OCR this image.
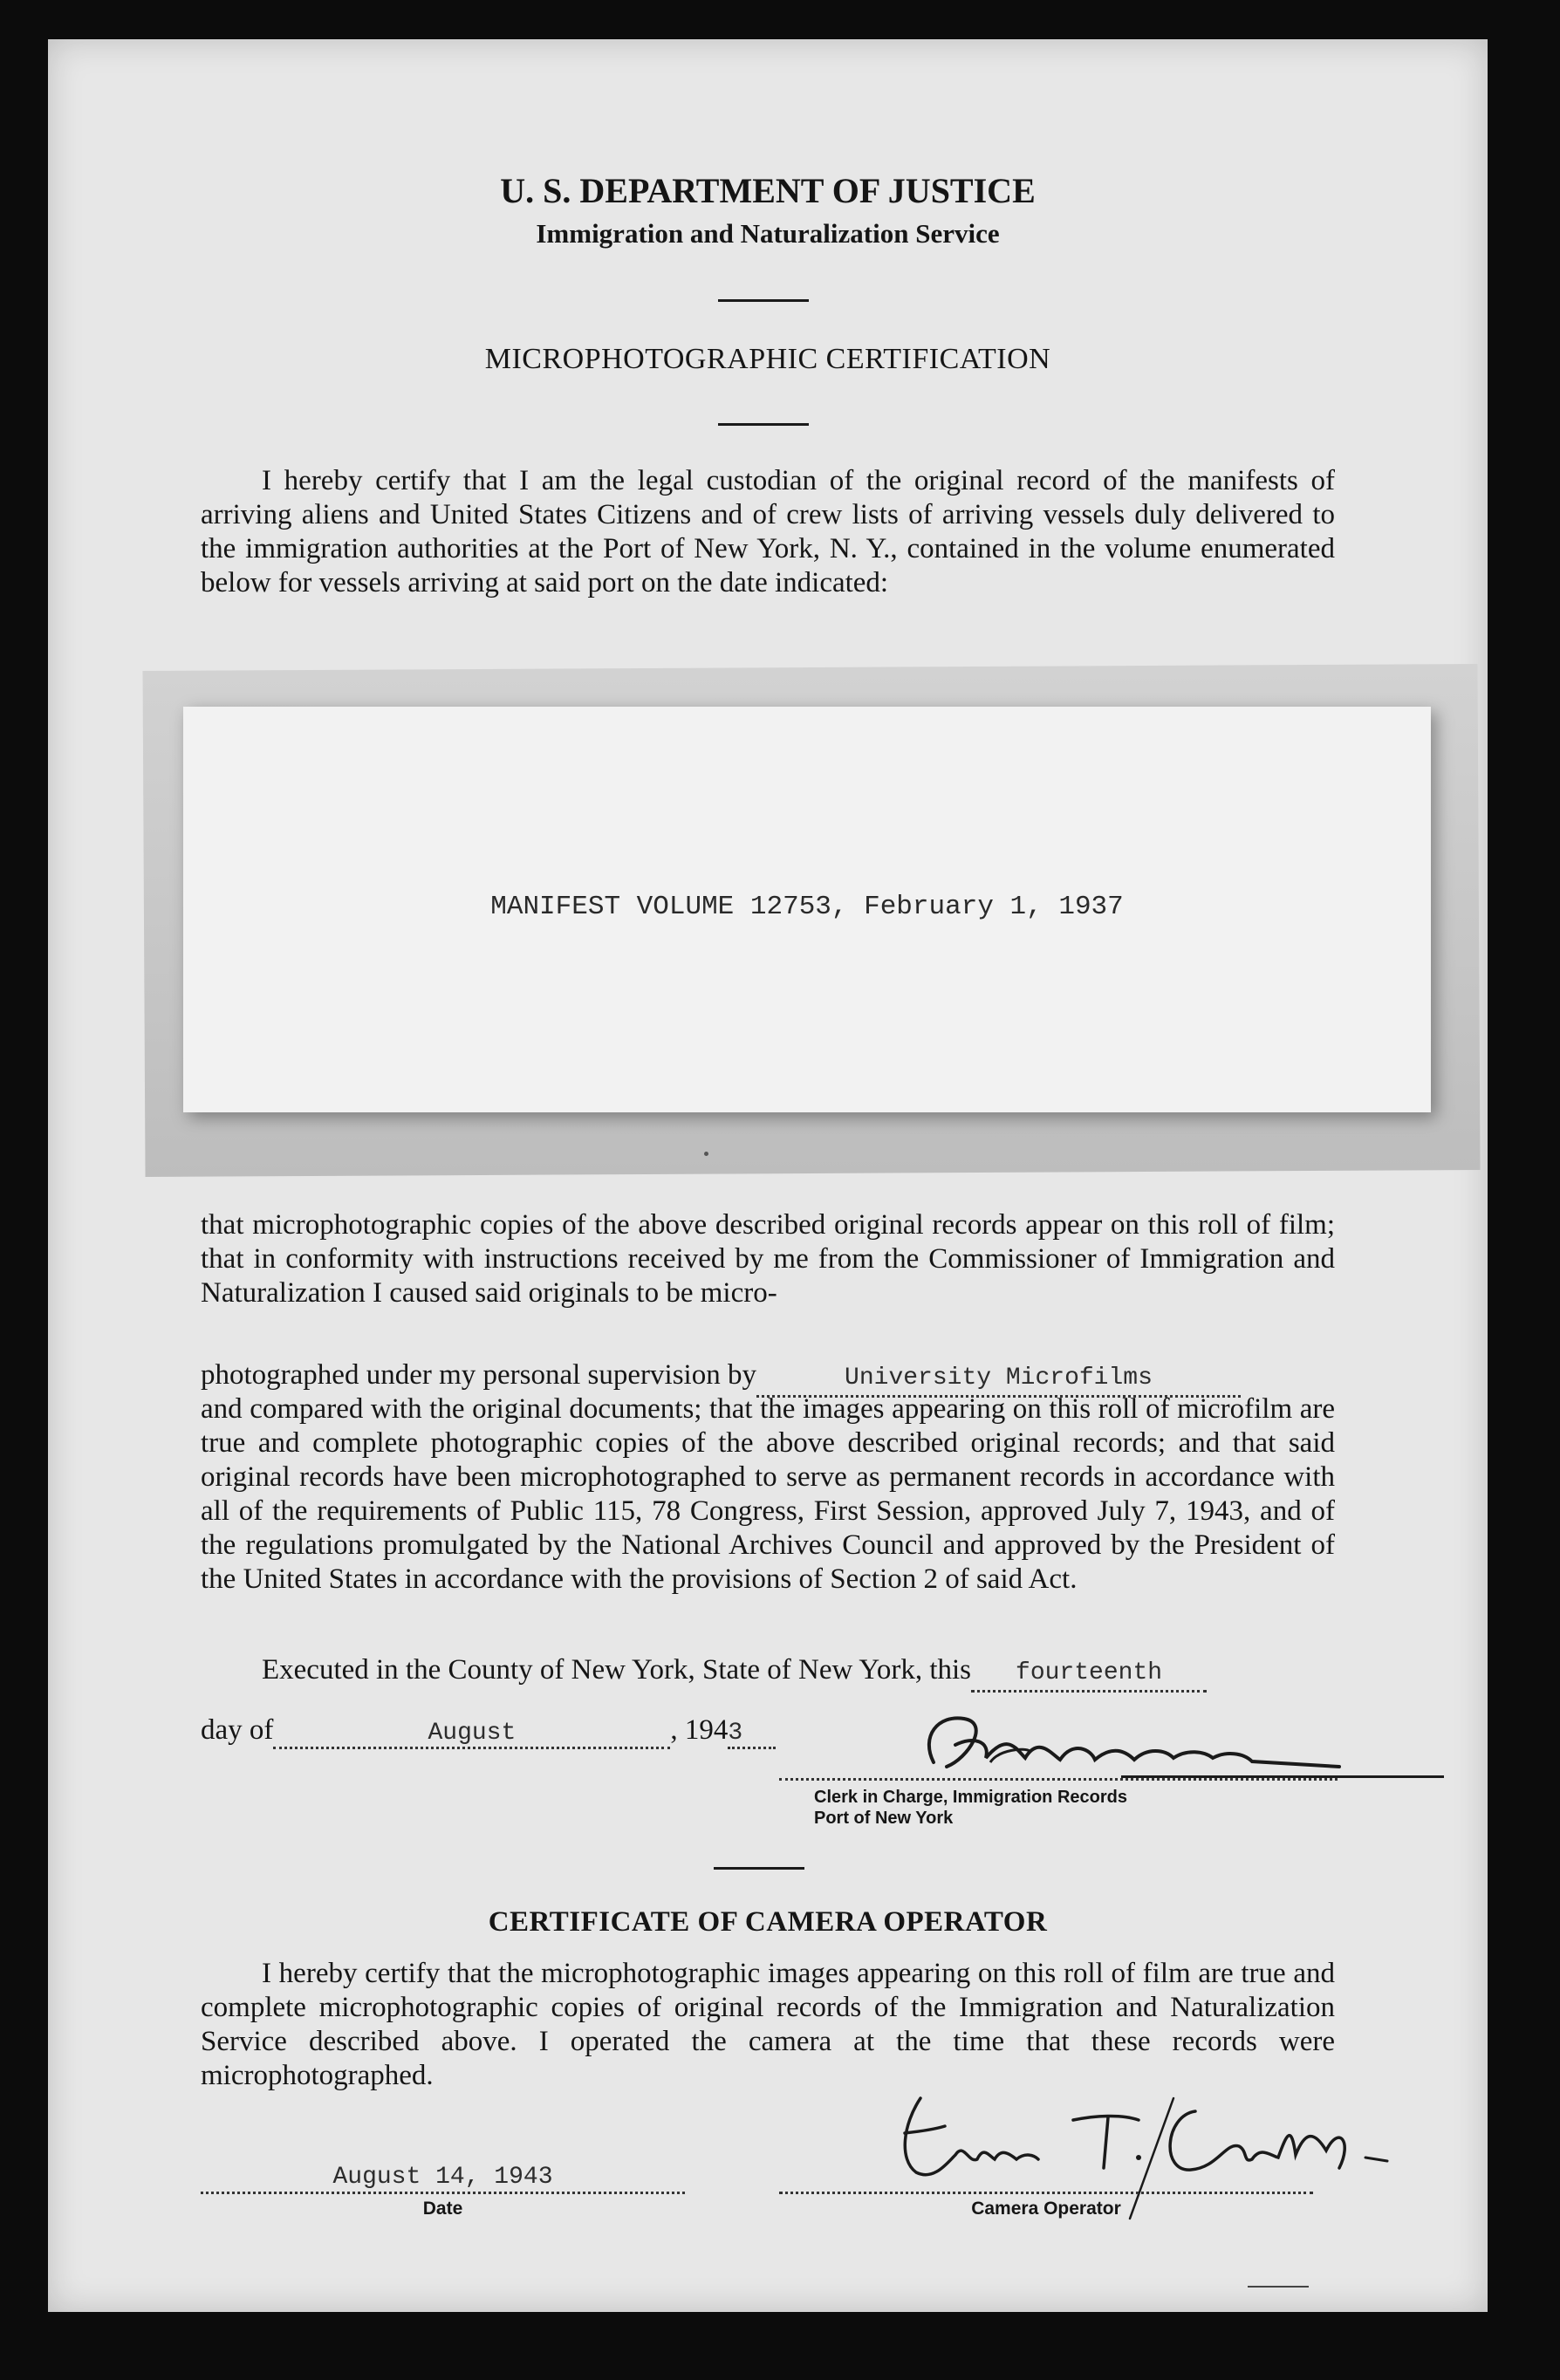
U. S. DEPARTMENT OF JUSTICE
Immigration and Naturalization Service
MICROPHOTOGRAPHIC CERTIFICATION

I hereby certify that I am the legal custodian of the original record of the manifests of arriving aliens and United States Citizens and of crew lists of arriving vessels duly delivered to the immigration authorities at the Port of New York, N. Y., contained in the volume enumerated below for vessels arriving at said port on the date indicated:

MANIFEST VOLUME 12753, February 1, 1937

that microphotographic copies of the above described original records appear on this roll of film; that in conformity with instructions received by me from the Commissioner of Immigration and Naturalization I caused said originals to be micro-

photographed under my personal supervision by	University Microfilms

and compared with the original documents; that the images appearing on this roll of microfilm are true and complete photographic copies of the above described original records; and that said original records have been microphotographed to serve as permanent records in accordance with all of the requirements of Public 115, 78 Congress, First Session, approved July 7, 1943, and of the regulations promulgated by the National Archives Council and approved by the President of the United States in accordance with the provisions of Section 2 of said Act.

Executed in the County of New York, State of New York, this fourteenth
day of	August	, 1943
Clerk in Charge, Immigration Records
Port of New York
CERTIFICATE OF CAMERA OPERATOR

I hereby certify that the microphotographic images appearing on this roll of film are true and complete microphotographic copies of original records of the Immigration and Naturalization Service described above. I operated the camera at the time that these records were microphotographed.

August 14, 1943
Date	Camera Operator
